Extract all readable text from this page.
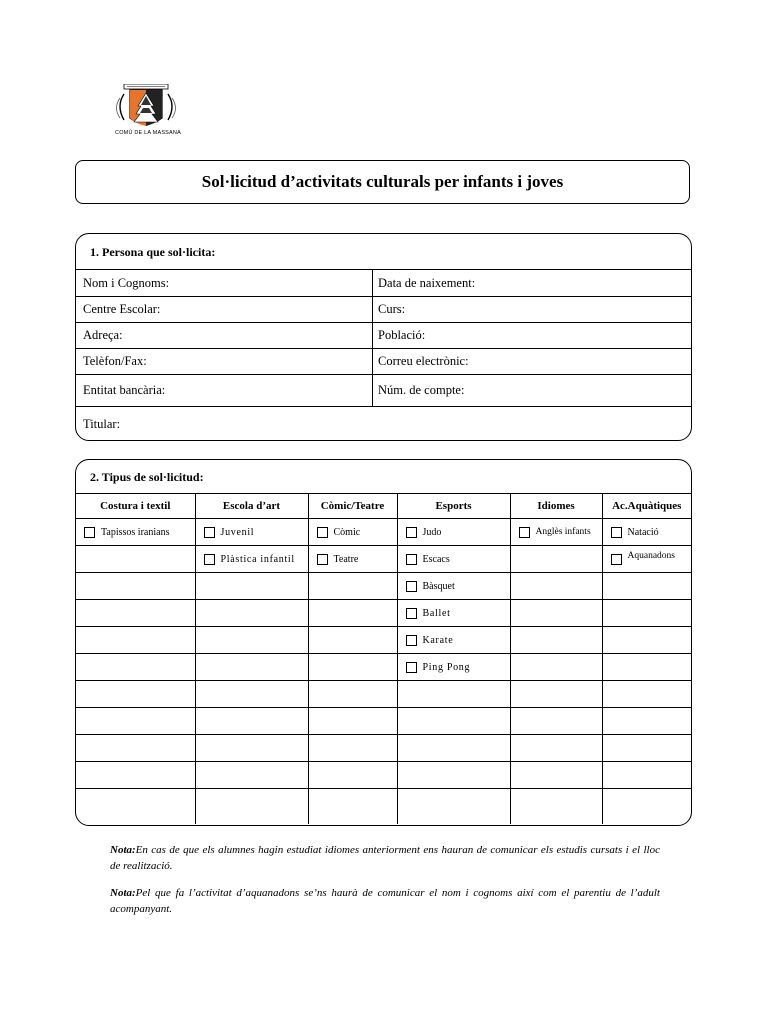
COMÚ DE LA MASSANA
Sol·licitud d’activitats culturals per infants i joves
1. Persona que sol·licita:
Nom i Cognoms:	Data de naixement:
Centre Escolar:	Curs:
Adreça:	Població:
Telèfon/Fax:	Correu electrònic:
Entitat bancària:	Núm. de compte:
Titular:
2. Tipus de sol·licitud:
Costura i textil	Escola d’art	Còmic/Teatre	Esports	Idiomes	Ac.Aquàtiques

Tapissos iranians	Juvenil	Còmic	Judo	Anglès infants	Natació

	Plàstica infantil	Teatre	Escacs		Aquanadons

			Bàsquet		

			Ballet		

			Karate		

			Ping Pong		

Nota:En cas de que els alumnes hagin estudiat idiomes anteriorment ens hauran de comunicar els estudis cursats i el lloc de realització.

Nota:Pel que fa l’activitat d’aquanadons se’ns haurà de comunicar el nom i cognoms així com el parentiu de l’adult acompanyant.
